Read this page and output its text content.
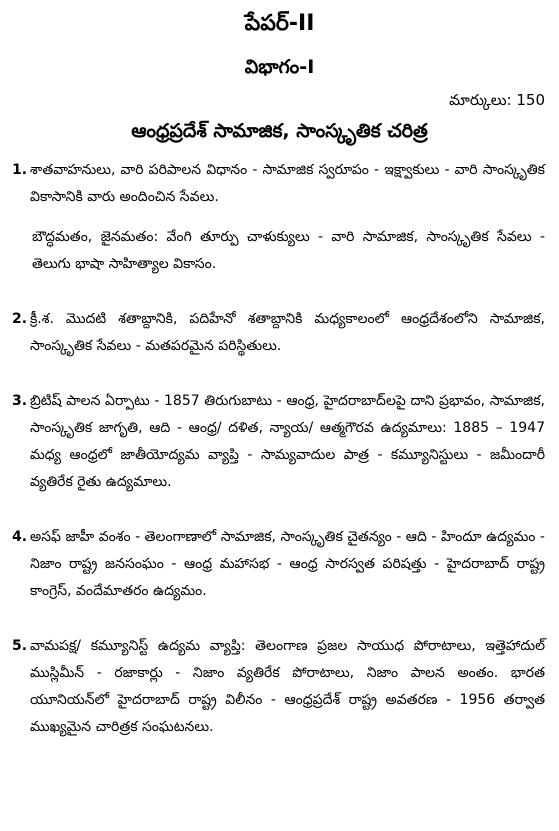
పేపర్-II
విభాగం-I
మార్కులు: 150
ఆంధ్రప్రదేశ్ సామాజిక, సాంస్కృతిక చరిత్ర
1. శాతవాహనులు, వారి పరిపాలన విధానం - సామాజిక స్వరూపం - ఇక్ష్వాకులు - వారి సాంస్కృతిక వికాసానికి వారు అందించిన సేవలు.
బౌద్ధమతం, జైనమతం: వేంగి తూర్పు చాళుక్యులు - వారి సామాజిక, సాంస్కృతిక సేవలు - తెలుగు భాషా సాహిత్యాల వికాసం.
2. క్రీ.శ. మొదటి శతాబ్దానికి, పదిహేనో శతాబ్దానికి మధ్యకాలంలో ఆంధ్రదేశంలోని సామాజిక, సాంస్కృతిక సేవలు - మతపరమైన పరిస్థితులు.
3. బ్రిటిష్ పాలన ఏర్పాటు - 1857 తిరుగుబాటు - ఆంధ్ర, హైదరాబాద్‌లపై దాని ప్రభావం, సామాజిక, సాంస్కృతిక జాగృతి, ఆది - ఆంధ్ర/ దళిత, న్యాయ/ ఆత్మగౌరవ ఉద్యమాలు: 1885 – 1947 మధ్య ఆంధ్రలో జాతీయోద్యమ వ్యాప్తి - సామ్యవాదుల పాత్ర - కమ్యూనిస్టులు - జమీందారీ వ్యతిరేక రైతు ఉద్యమాలు.
4. అసఫ్ జాహీ వంశం - తెలంగాణాలో సామాజిక, సాంస్కృతిక చైతన్యం - ఆది - హిందూ ఉద్యమం - నిజాం రాష్ట్ర జనసంఘం - ఆంధ్ర మహాసభ - ఆంధ్ర సారస్వత పరిషత్తు - హైదరాబాద్ రాష్ట్ర కాంగ్రెస్, వందేమాతరం ఉద్యమం.
5. వామపక్ష/ కమ్యూనిస్ట్ ఉద్యమ వ్యాప్తి: తెలంగాణ ప్రజల సాయుధ పోరాటాలు, ఇత్తెహాదుల్ ముస్లిమీన్ - రజాకార్లు - నిజాం వ్యతిరేక పోరాటాలు, నిజాం పాలన అంతం. భారత యూనియన్‌లో హైదరాబాద్ రాష్ట్ర విలీనం - ఆంధ్రప్రదేశ్ రాష్ట్ర అవతరణ - 1956 తర్వాత ముఖ్యమైన చారిత్రక సంఘటనలు.
